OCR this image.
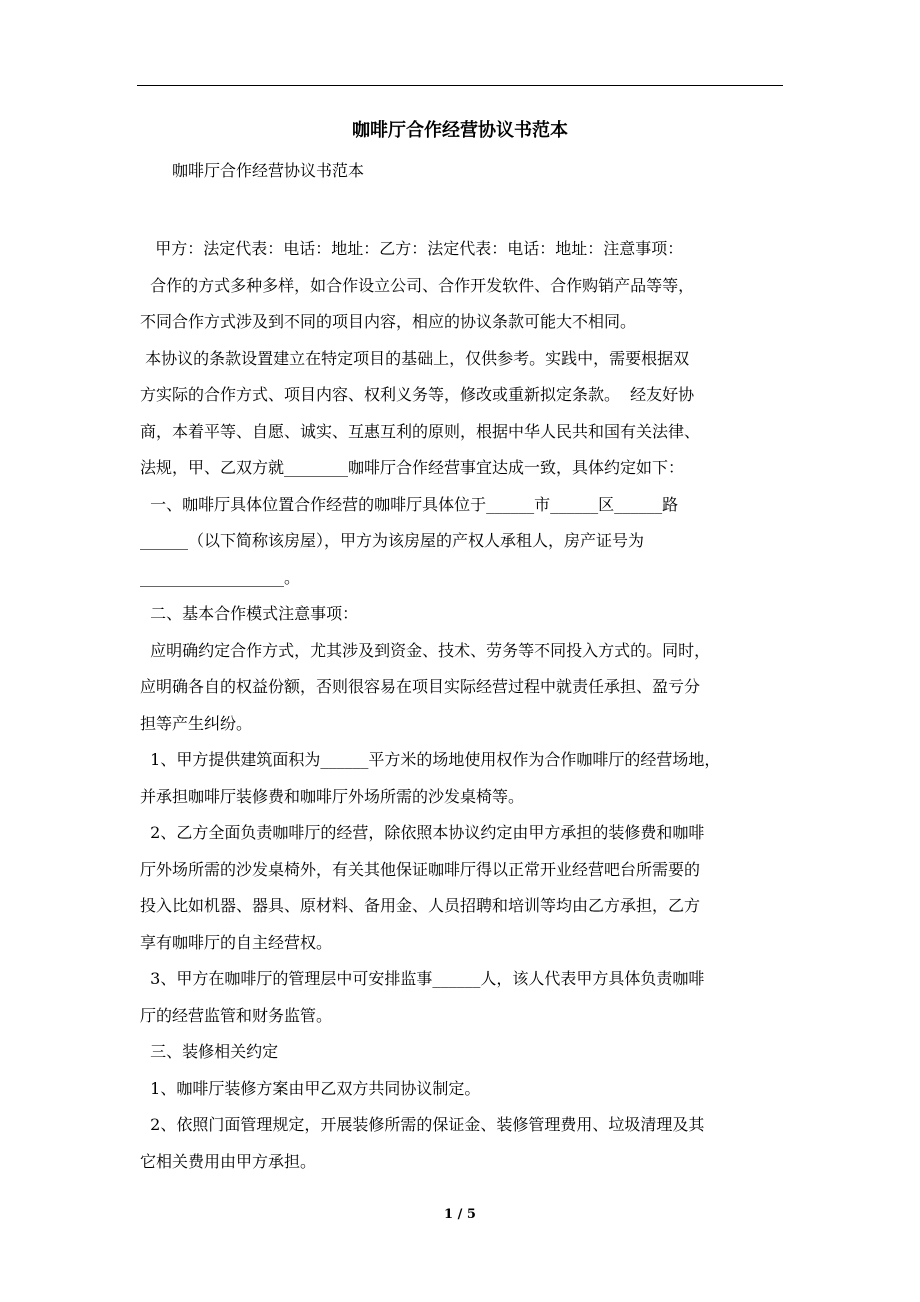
咖啡厅合作经营协议书范本
咖啡厅合作经营协议书范本

甲方：法定代表：电话：地址：乙方：法定代表：电话：地址：注意事项：

合作的方式多种多样，如合作设立公司、合作开发软件、合作购销产品等等，
不同合作方式涉及到不同的项目内容，相应的协议条款可能大不相同。

本协议的条款设置建立在特定项目的基础上，仅供参考。实践中，需要根据双
方实际的合作方式、项目内容、权利义务等，修改或重新拟定条款。  经友好协
商，本着平等、自愿、诚实、互惠互利的原则，根据中华人民共和国有关法律、
法规，甲、乙双方就________咖啡厅合作经营事宜达成一致，具体约定如下：

一、咖啡厅具体位置合作经营的咖啡厅具体位于______市______区______路
______（以下简称该房屋），甲方为该房屋的产权人承租人，房产证号为
__________________。

二、基本合作模式注意事项：

应明确约定合作方式，尤其涉及到资金、技术、劳务等不同投入方式的。同时，
应明确各自的权益份额，否则很容易在项目实际经营过程中就责任承担、盈亏分
担等产生纠纷。

1、甲方提供建筑面积为______平方米的场地使用权作为合作咖啡厅的经营场地，
并承担咖啡厅装修费和咖啡厅外场所需的沙发桌椅等。

2、乙方全面负责咖啡厅的经营，除依照本协议约定由甲方承担的装修费和咖啡
厅外场所需的沙发桌椅外，有关其他保证咖啡厅得以正常开业经营吧台所需要的
投入比如机器、器具、原材料、备用金、人员招聘和培训等均由乙方承担，乙方
享有咖啡厅的自主经营权。

3、甲方在咖啡厅的管理层中可安排监事______人，该人代表甲方具体负责咖啡
厅的经营监管和财务监管。

三、装修相关约定

1、咖啡厅装修方案由甲乙双方共同协议制定。

2、依照门面管理规定，开展装修所需的保证金、装修管理费用、垃圾清理及其
它相关费用由甲方承担。

1 / 5
